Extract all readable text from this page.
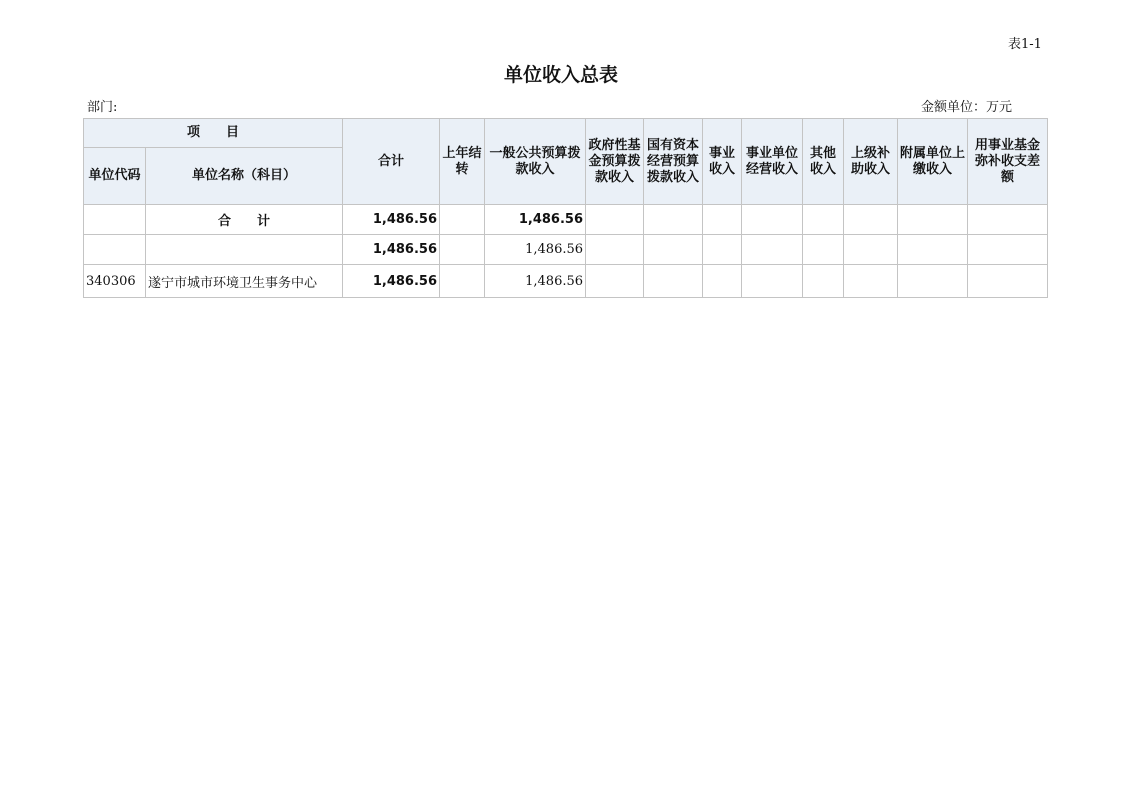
表1-1
单位收入总表
部门:	金额单位：万元
项　　目		合计	上年结转	一般公共预算拨款收入	政府性基金预算拨款收入	国有资本经营预算拨款收入	事业收入	事业单位经营收入	其他收入	上级补助收入	附属单位上缴收入	用事业基金弥补收支差额
单位代码	单位名称（科目）											
	合　　计	1,486.56		1,486.56								
		1,486.56		1,486.56								
340306	遂宁市城市环境卫生事务中心	1,486.56		1,486.56								
